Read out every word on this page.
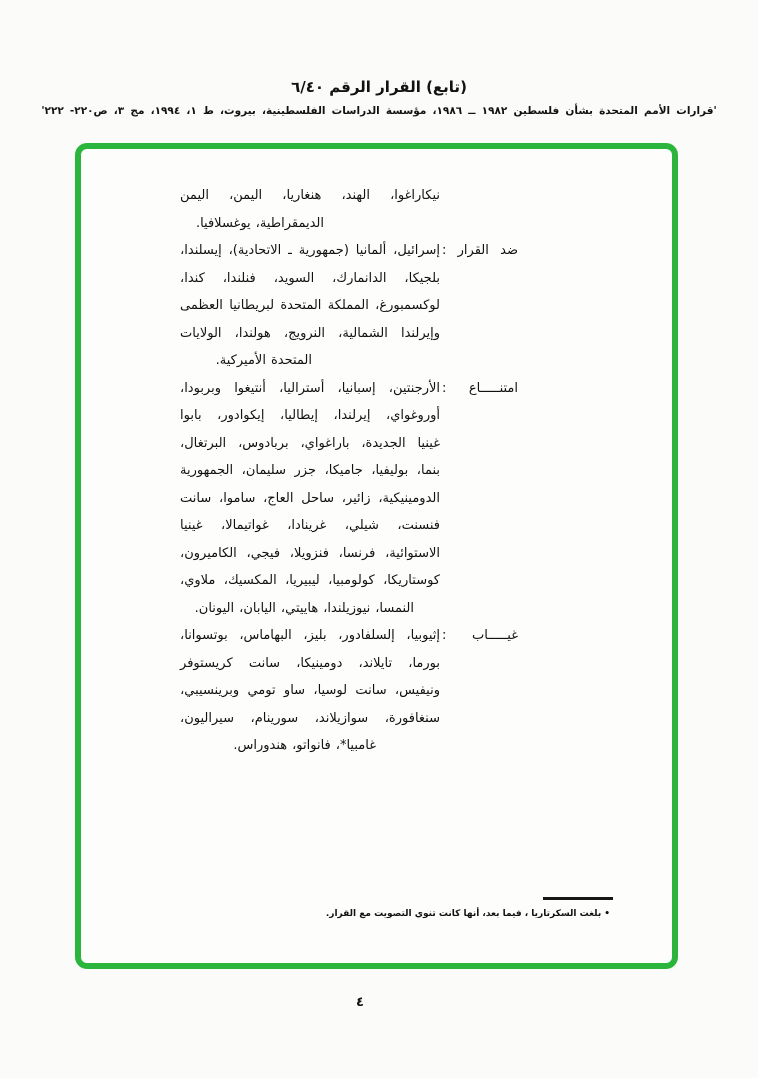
(تابع) القرار الرقم ٦/٤٠
'قرارات الأمم المتحدة بشأن فلسطين ١٩٨٢ ــ ١٩٨٦، مؤسسة الدراسات الفلسطينية، بيروت، ط ١، ١٩٩٤، مج ٣، ص٢٢٠- ٢٢٢'
نيكاراغوا،
الهند،
هنغاريا،
اليمن،
اليمن
الديمقراطية،
يوغسلافيا.
ضد
القرار
:
إسرائيل،
ألمانيا
(جمهورية
ـ
الاتحادية)،
إيسلندا،
بلجيكا،
الدانمارك،
السويد،
فنلندا،
كندا،
لوكسمبورغ،
المملكة
المتحدة
لبريطانيا
العظمى
وإيرلندا
الشمالية،
النرويج،
هولندا،
الولايات
المتحدة
الأميركية.
امتنـــــاع
:
الأرجنتين،
إسبانيا،
أستراليا،
أنتيغوا
وبربودا،
أوروغواي،
إيرلندا،
إيطاليا،
إيكوادور،
بابوا
غينيا
الجديدة،
باراغواي،
بربادوس،
البرتغال،
بنما،
بوليفيا،
جاميكا،
جزر
سليمان،
الجمهورية
الدومينيكية،
زائير،
ساحل
العاج،
ساموا،
سانت
فنسنت،
شيلي،
غرينادا،
غواتيمالا،
غينيا
الاستوائية،
فرنسا،
فنزويلا،
فيجي،
الكاميرون،
كوستاريكا،
كولومبيا،
ليبيريا،
المكسيك،
ملاوي،
النمسا،
نيوزيلندا،
هاييتي،
اليابان،
اليونان.
غيـــــاب
:
إثيوبيا،
إلسلفادور،
بليز،
البهاماس،
بوتسوانا،
بورما،
تايلاند،
دومينيكا،
سانت
كريستوفر
ونيفيس،
سانت
لوسيا،
ساو
تومي
وبرينسيبي،
سنغافورة،
سوازيلاند،
سورينام،
سيراليون،
غامبيا*،
فانواتو،
هندوراس.
•بلغت السكرتاريا ، فيما بعد، أنها كانت تنوي التصويت مع القرار.
٤
